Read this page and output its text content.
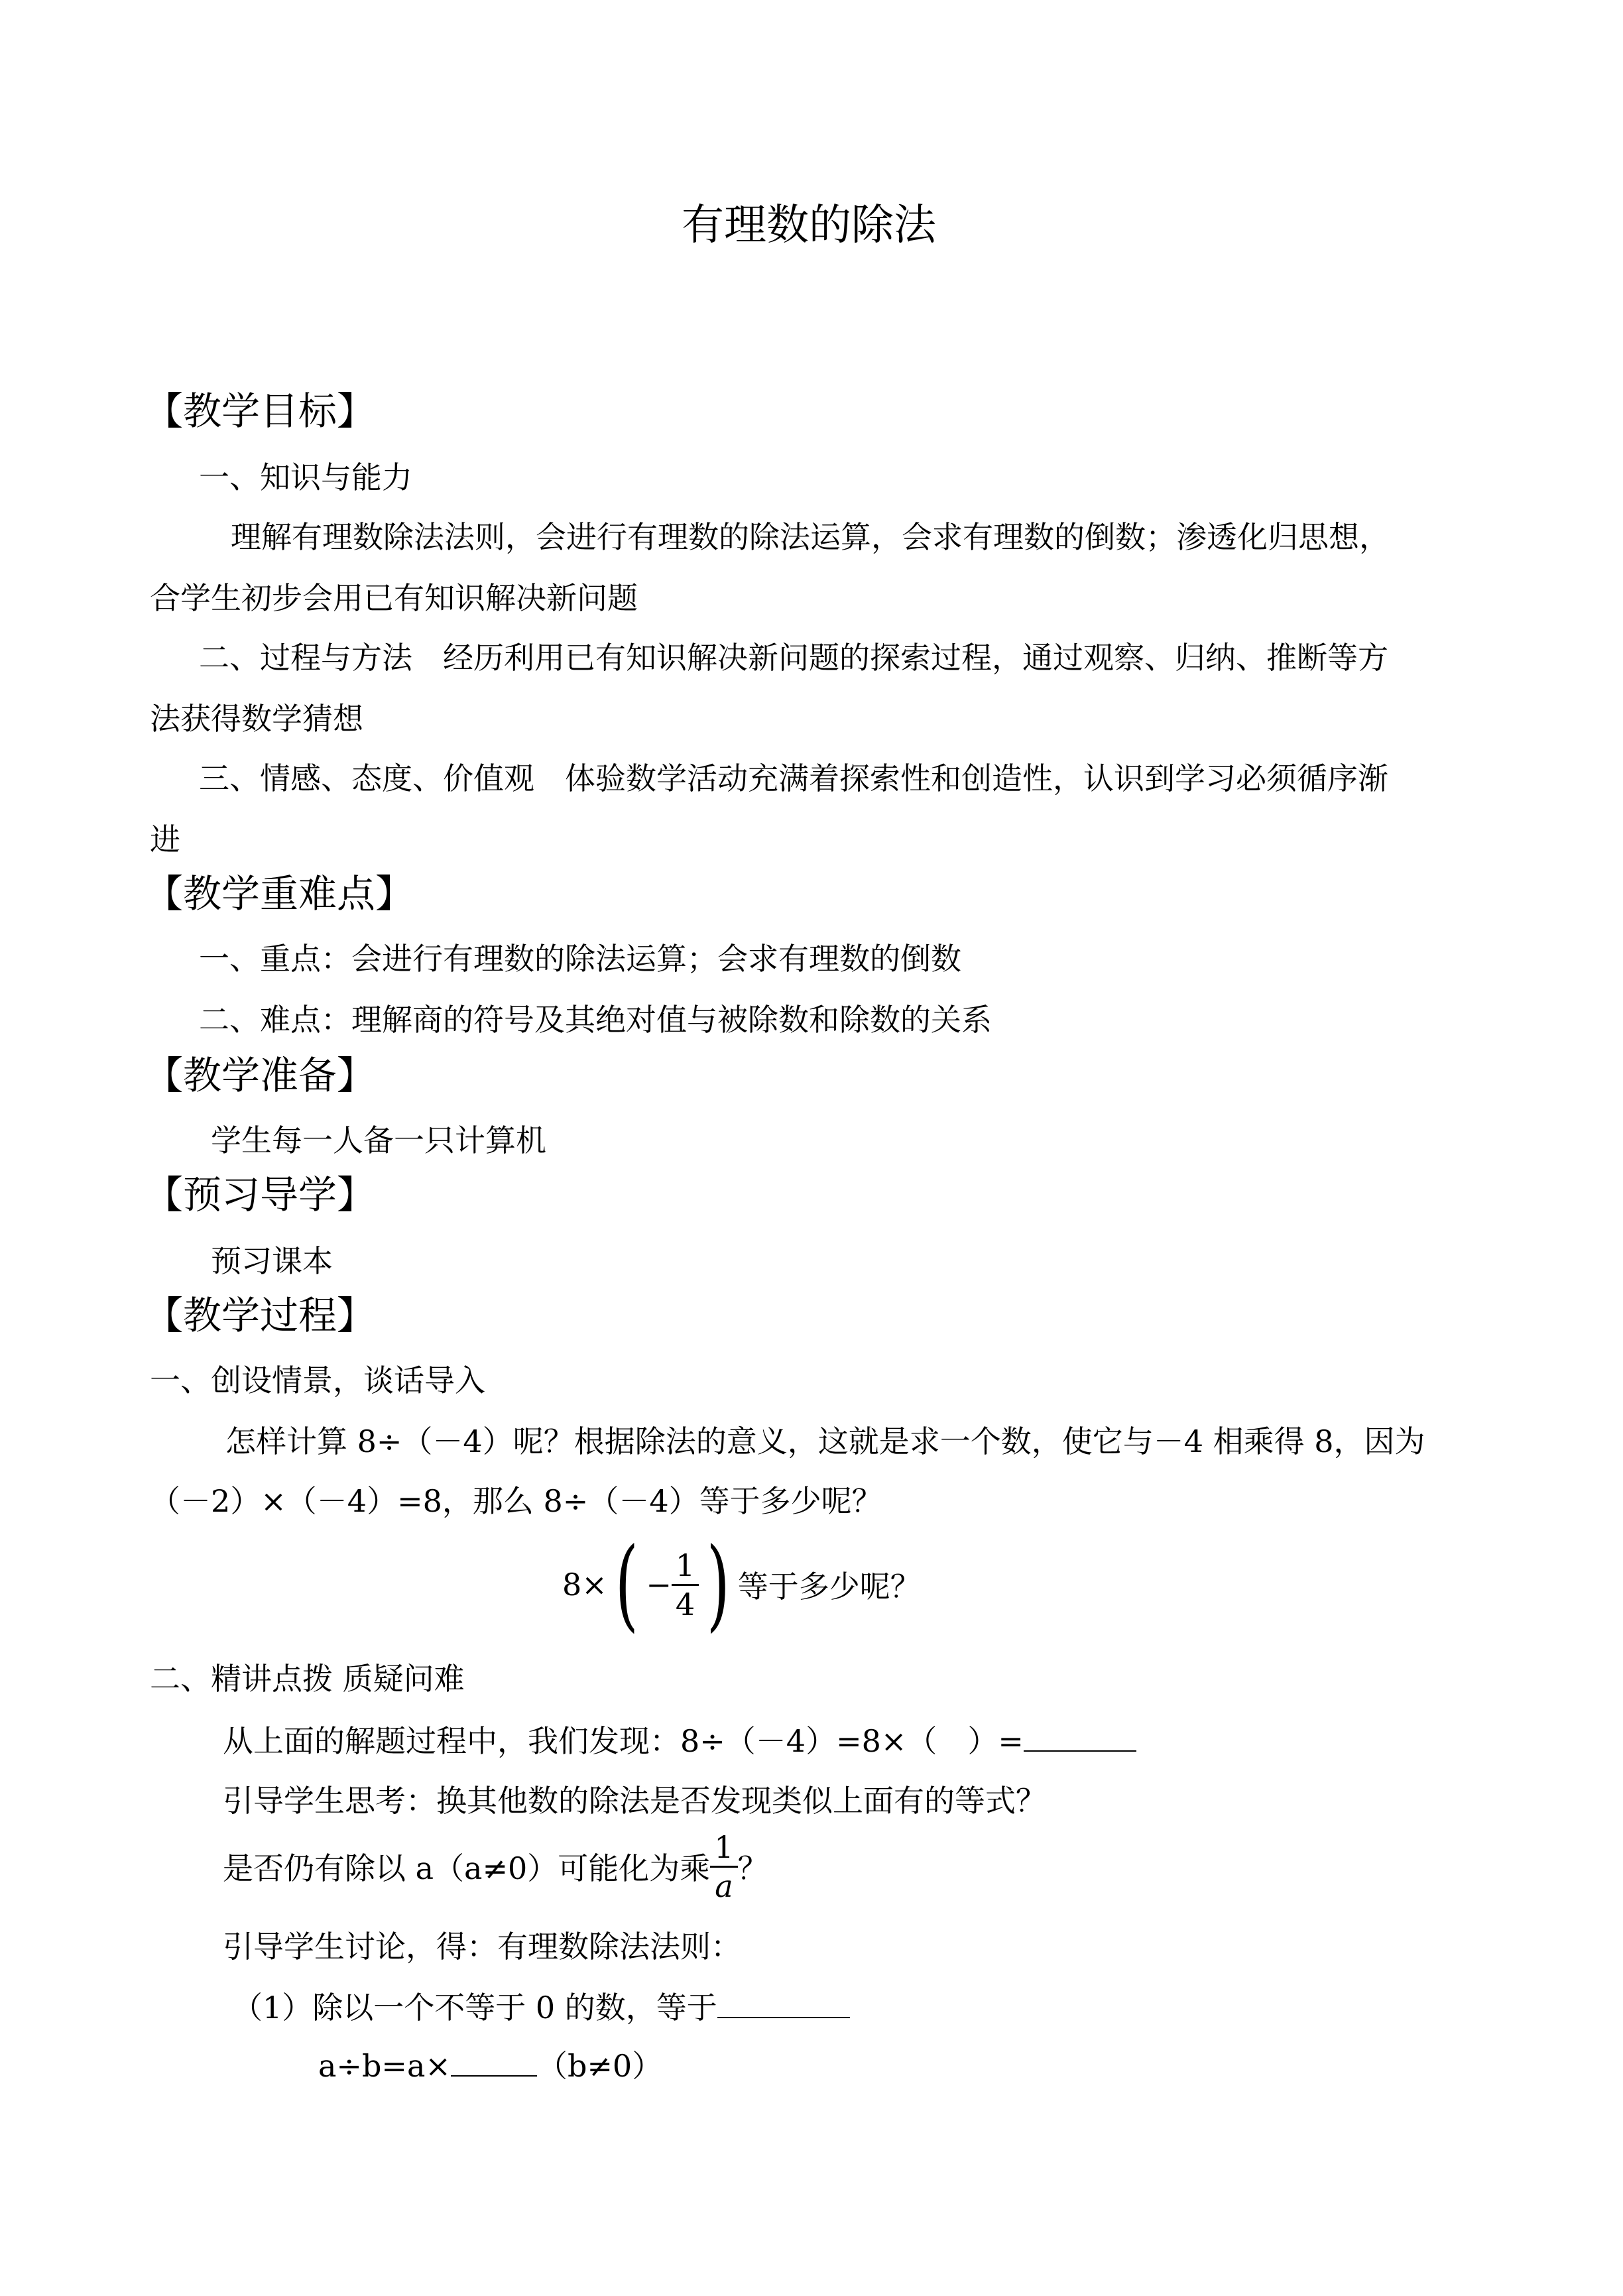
有理数的除法
【教学目标】
一、知识与能力
理解有理数除法法则，会进行有理数的除法运算，会求有理数的倒数；渗透化归思想，
合学生初步会用已有知识解决新问题
二、过程与方法　经历利用已有知识解决新问题的探索过程，通过观察、归纳、推断等方
法获得数学猜想
三、情感、态度、价值观　体验数学活动充满着探索性和创造性，认识到学习必须循序渐
进
【教学重难点】
一、重点：会进行有理数的除法运算；会求有理数的倒数
二、难点：理解商的符号及其绝对值与被除数和除数的关系
【教学准备】
学生每一人备一只计算机
【预习导学】
预习课本
【教学过程】
一、创设情景，谈话导入
怎样计算 8÷（－4）呢？根据除法的意义，这就是求一个数，使它与－4 相乘得 8，因为
（－2）×（－4）=8，那么 8÷（－4）等于多少呢？
8× ( − $\frac{1}{4}$ ) 等于多少呢？
二、精讲点拨 质疑问难
从上面的解题过程中，我们发现：8÷（－4）=8×（　）=
引导学生思考：换其他数的除法是否发现类似上面有的等式？
是否仍有除以 a（a≠0）可能化为乘 $\frac{1}{a}$ ？
引导学生讨论，得：有理数除法法则：
（1）除以一个不等于 0 的数，等于
a÷b=a×	（b≠0）
